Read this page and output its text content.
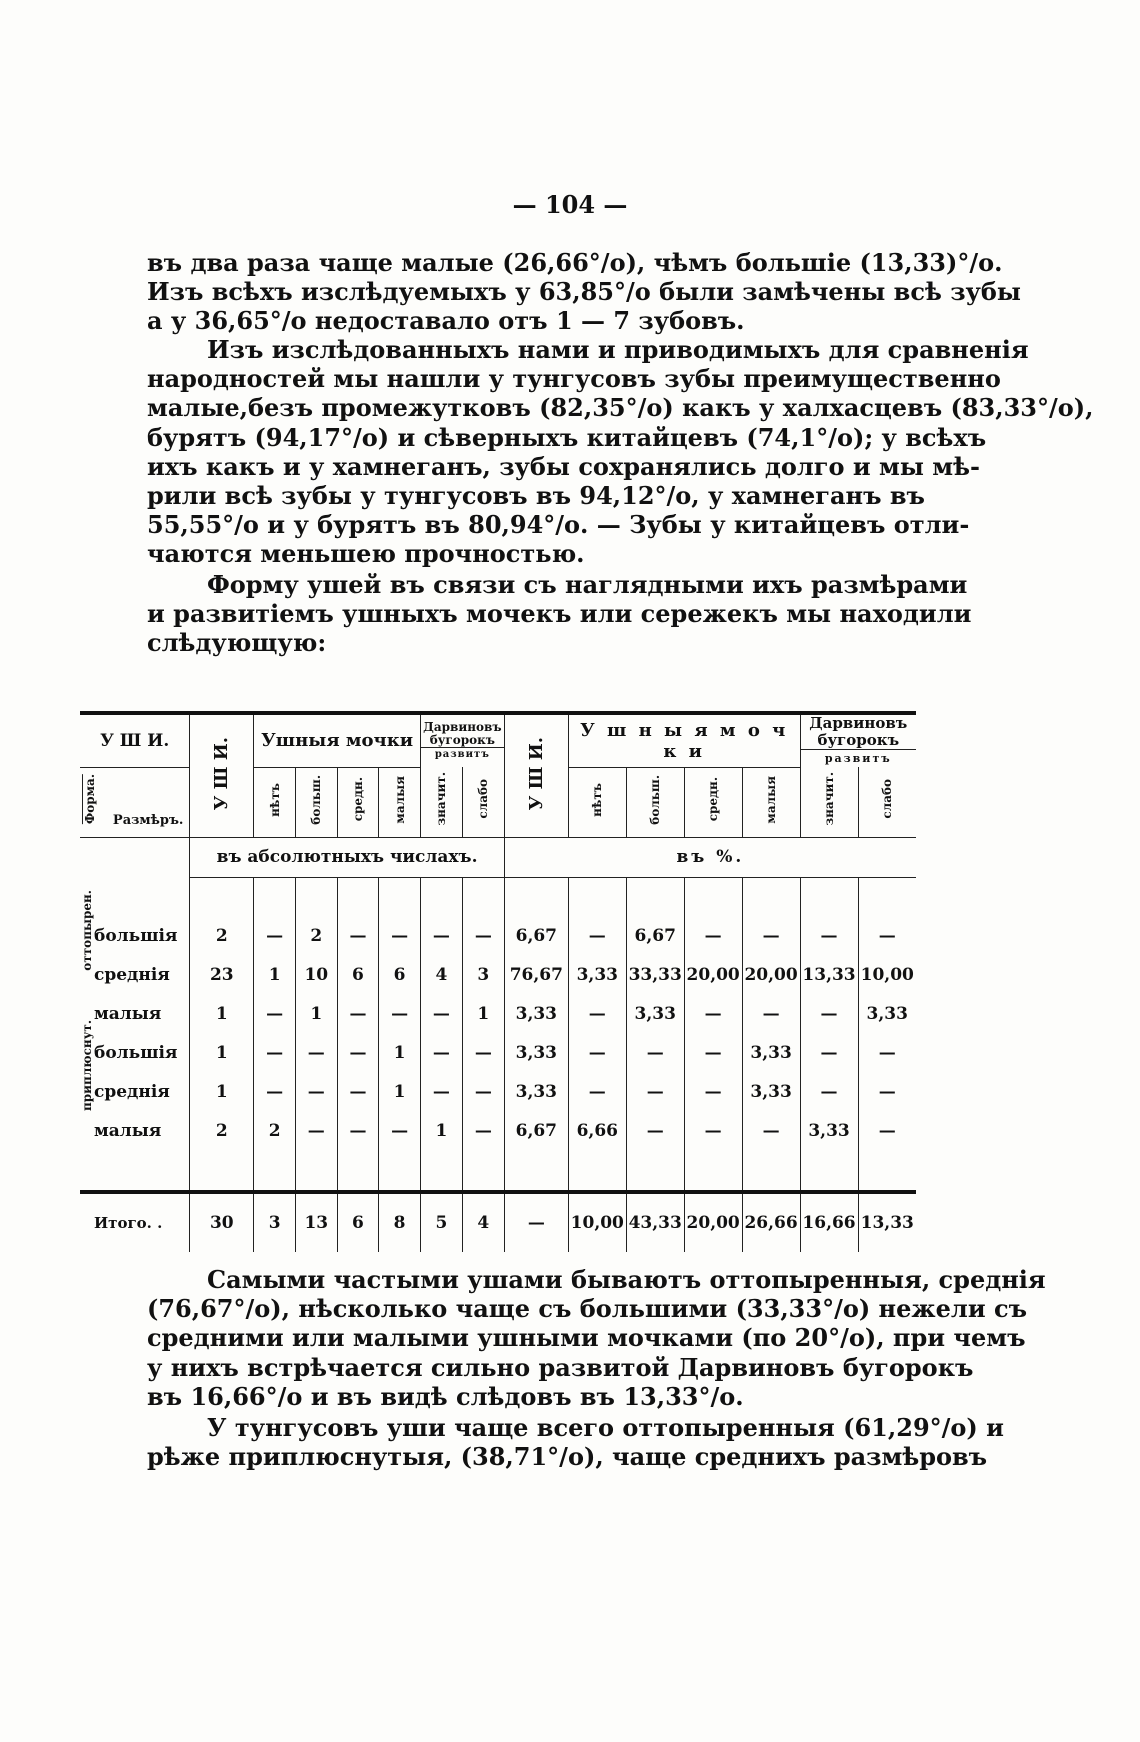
— 104 —
въ два раза чаще малые (26,66°/о), чѣмъ большіе (13,33)°/о.
Изъ всѣхъ изслѣдуемыхъ у 63,85°/о были замѣчены всѣ зубы
а у 36,65°/о недоставало отъ 1 — 7 зубовъ.
Изъ изслѣдованныхъ нами и приводимыхъ для сравненія
народностей мы нашли у тунгусовъ зубы преимущественно
малые,безъ промежутковъ (82,35°/о) какъ у халхасцевъ (83,33°/о),
бурятъ (94,17°/о) и сѣверныхъ китайцевъ (74,1°/о); у всѣхъ
ихъ какъ и у хамнеганъ, зубы сохранялись долго и мы мѣ-
рили всѣ зубы у тунгусовъ въ 94,12°/о, у хамнеганъ въ
55,55°/о и у бурятъ въ 80,94°/о. — Зубы у китайцевъ отли-
чаются меньшею прочностью.
Форму ушей въ связи съ наглядными ихъ размѣрами
и развитіемъ ушныхъ мочекъ или сережекъ мы находили
слѣдующую:
У Ш И.	У Ш И.	Ушныя мочки				Дарвиновъ бугорокъ
развитъ		У Ш И.	У ш н ы я м о ч к и				Дарвиновъ бугорокъ
развитъ	

Форма. Размѣръ.		нѣтъ	больш.	средн.	малыя	значит.	слабо		нѣтъ	больш.	средн.	малыя	значит.	слабо
	въ абсолютныхъ числахъ.							въ %.						

большія	2	—	2	—	—	—	—	6,67	—	6,67	—	—	—	—
среднія	23	1	10	6	6	4	3	76,67	3,33	33,33	20,00	20,00	13,33	10,00
малыя	1	—	1	—	—	—	1	3,33	—	3,33	—	—	—	3,33
большія	1	—	—	—	1	—	—	3,33	—	—	—	3,33	—	—
среднія	1	—	—	—	1	—	—	3,33	—	—	—	3,33	—	—
малыя	2	2	—	—	—	1	—	6,67	6,66	—	—	—	3,33	—

Итого. .	30	3	13	6	8	5	4	—	10,00	43,33	20,00	26,66	16,66	13,33
оттопырен.
приплюснут.
Самыми частыми ушами бываютъ оттопыренныя, среднія
(76,67°/о), нѣсколько чаще съ большими (33,33°/о) нежели съ
средними или малыми ушными мочками (по 20°/о), при чемъ
у нихъ встрѣчается сильно развитой Дарвиновъ бугорокъ
въ 16,66°/о и въ видѣ слѣдовъ въ 13,33°/о.
У тунгусовъ уши чаще всего оттопыренныя (61,29°/о) и
рѣже приплюснутыя, (38,71°/о), чаще среднихъ размѣровъ
